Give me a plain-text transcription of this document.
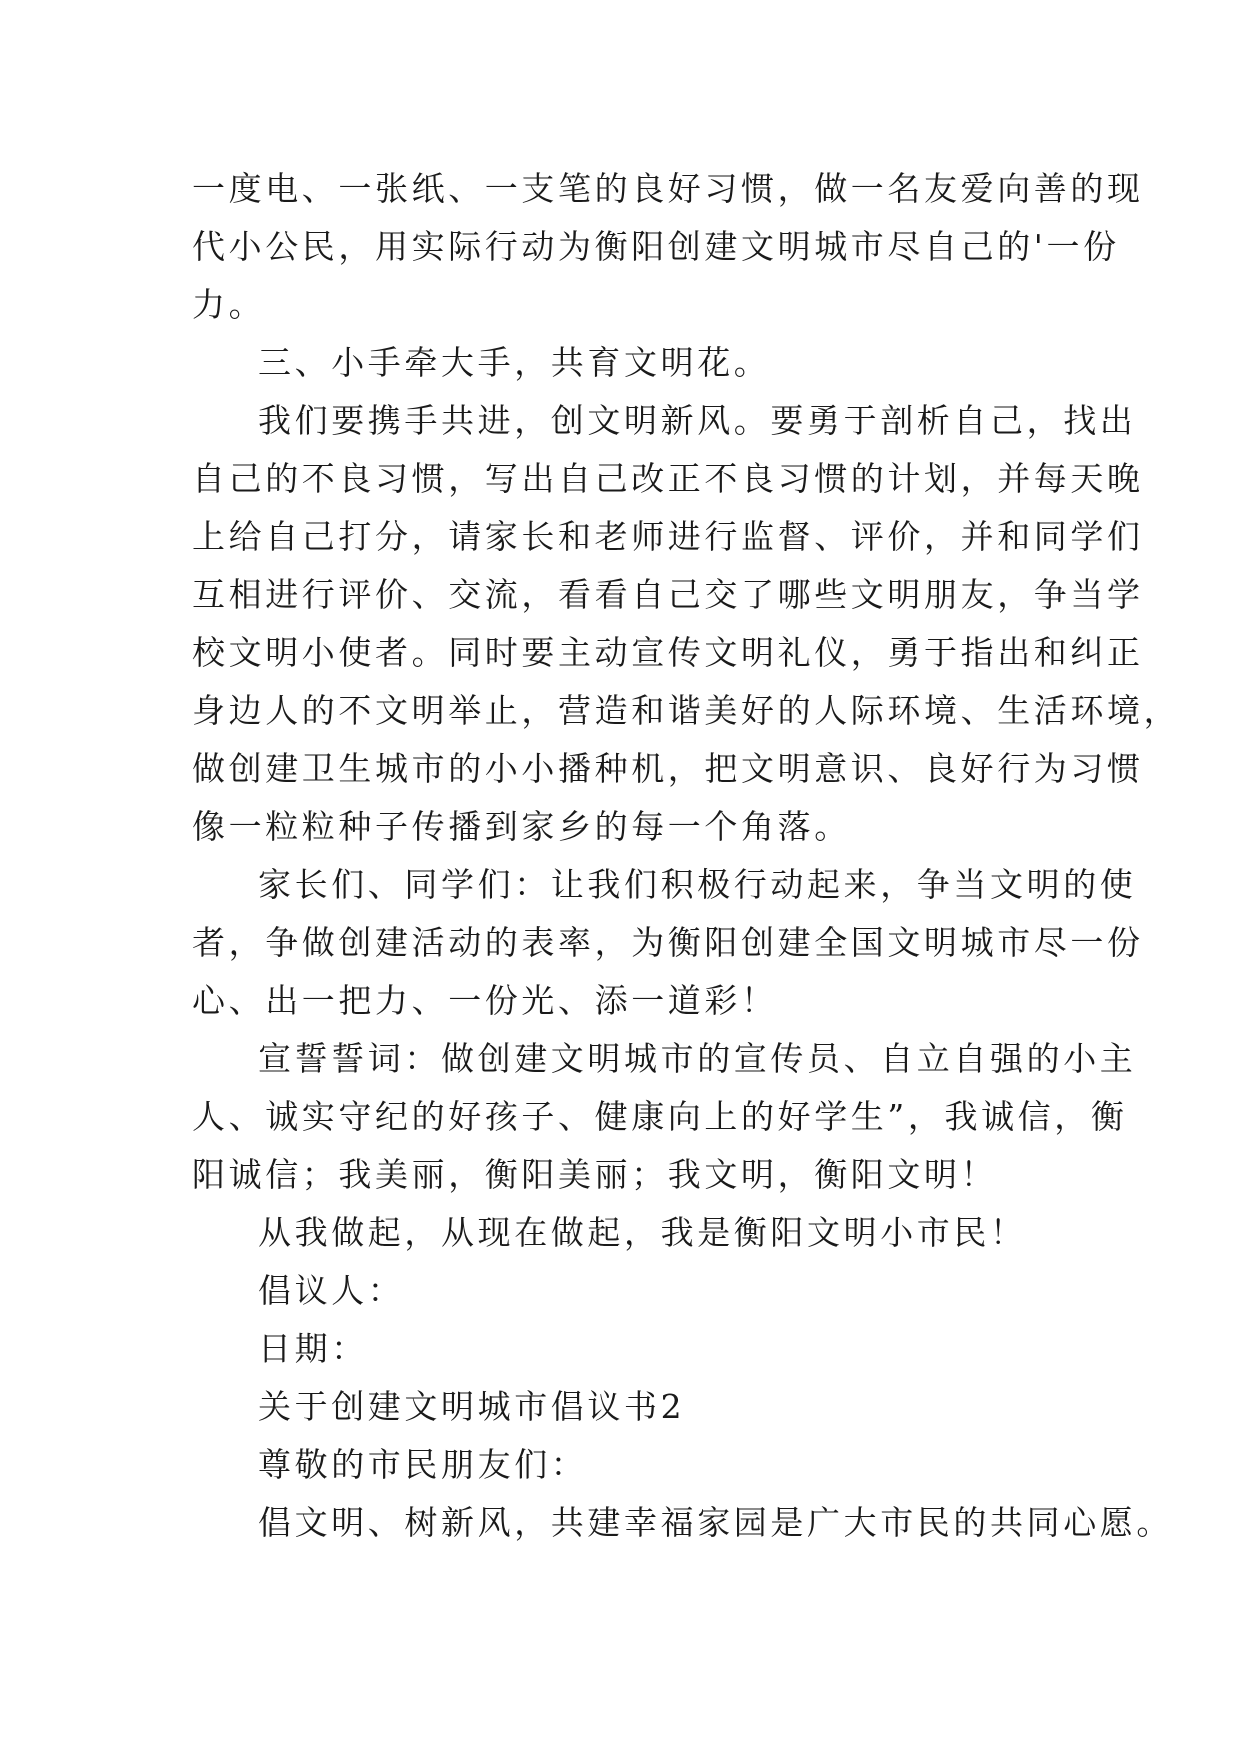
一度电、一张纸、一支笔的良好习惯，做一名友爱向善的现
代小公民，用实际行动为衡阳创建文明城市尽自己的'一份
力。
三、小手牵大手，共育文明花。
我们要携手共进，创文明新风。要勇于剖析自己，找出
自己的不良习惯，写出自己改正不良习惯的计划，并每天晚
上给自己打分，请家长和老师进行监督、评价，并和同学们
互相进行评价、交流，看看自己交了哪些文明朋友，争当学
校文明小使者。同时要主动宣传文明礼仪，勇于指出和纠正
身边人的不文明举止，营造和谐美好的人际环境、生活环境，
做创建卫生城市的小小播种机，把文明意识、良好行为习惯
像一粒粒种子传播到家乡的每一个角落。
家长们、同学们：让我们积极行动起来，争当文明的使
者，争做创建活动的表率，为衡阳创建全国文明城市尽一份
心、出一把力、一份光、添一道彩！
宣誓誓词：做创建文明城市的宣传员、自立自强的小主
人、诚实守纪的好孩子、健康向上的好学生”，我诚信，衡
阳诚信；我美丽，衡阳美丽；我文明，衡阳文明！
从我做起，从现在做起，我是衡阳文明小市民！
倡议人：
日期：
关于创建文明城市倡议书2
尊敬的市民朋友们：
倡文明、树新风，共建幸福家园是广大市民的共同心愿。
